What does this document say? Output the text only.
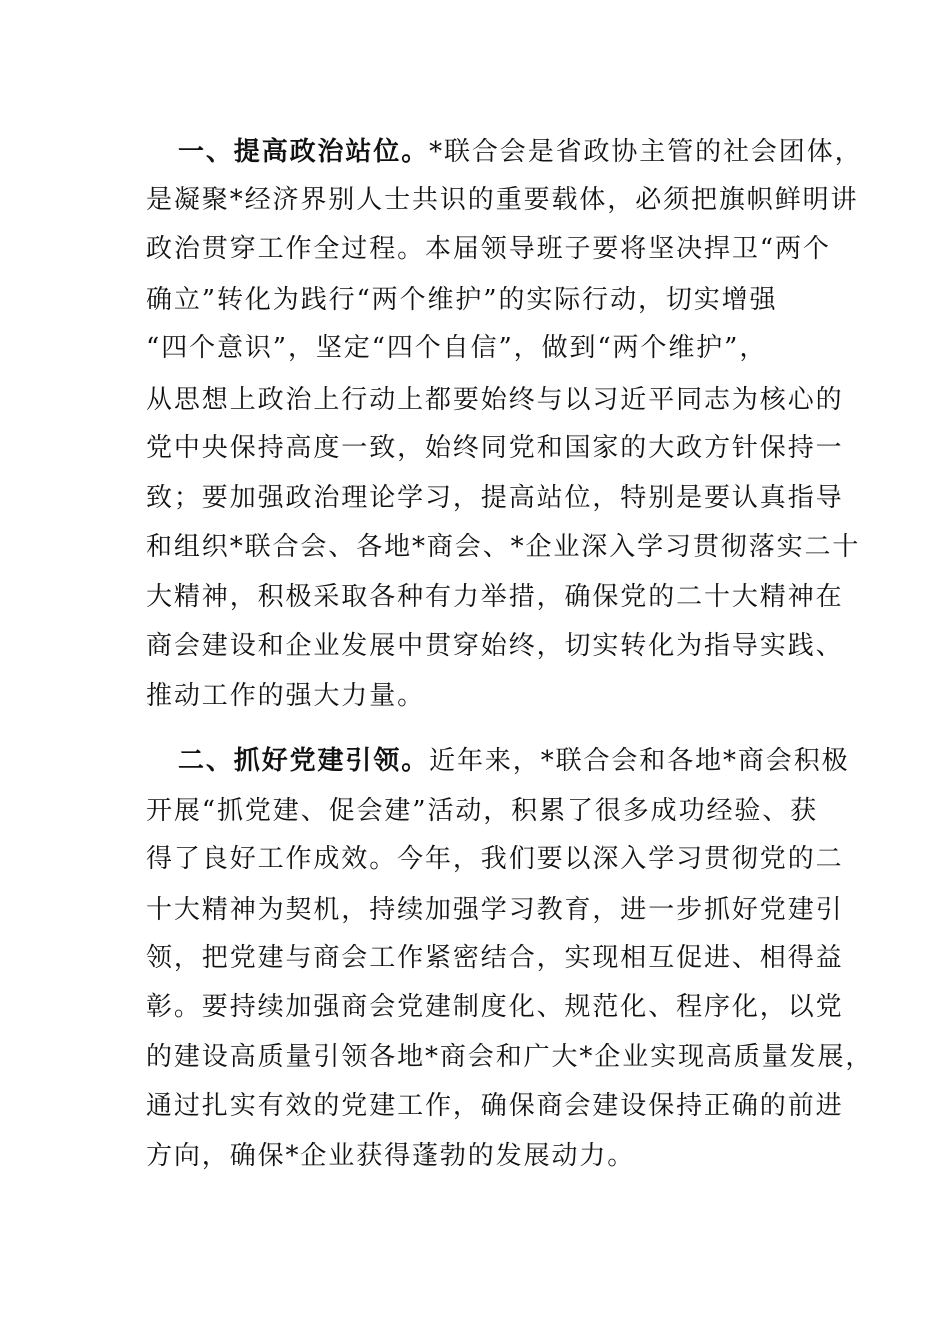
一、提高政治站位。*联合会是省政协主管的社会团体，
是凝聚*经济界别人士共识的重要载体，必须把旗帜鲜明讲
政治贯穿工作全过程。本届领导班子要将坚决捍卫“两个
确立”转化为践行“两个维护”的实际行动，切实增强
“四个意识”，坚定“四个自信”，做到“两个维护”，
从思想上政治上行动上都要始终与以习近平同志为核心的
党中央保持高度一致，始终同党和国家的大政方针保持一
致；要加强政治理论学习，提高站位，特别是要认真指导
和组织*联合会、各地*商会、*企业深入学习贯彻落实二十
大精神，积极采取各种有力举措，确保党的二十大精神在
商会建设和企业发展中贯穿始终，切实转化为指导实践、
推动工作的强大力量。
二、抓好党建引领。近年来，*联合会和各地*商会积极
开展“抓党建、促会建”活动，积累了很多成功经验、获
得了良好工作成效。今年，我们要以深入学习贯彻党的二
十大精神为契机，持续加强学习教育，进一步抓好党建引
领，把党建与商会工作紧密结合，实现相互促进、相得益
彰。要持续加强商会党建制度化、规范化、程序化，以党
的建设高质量引领各地*商会和广大*企业实现高质量发展，
通过扎实有效的党建工作，确保商会建设保持正确的前进
方向，确保*企业获得蓬勃的发展动力。
